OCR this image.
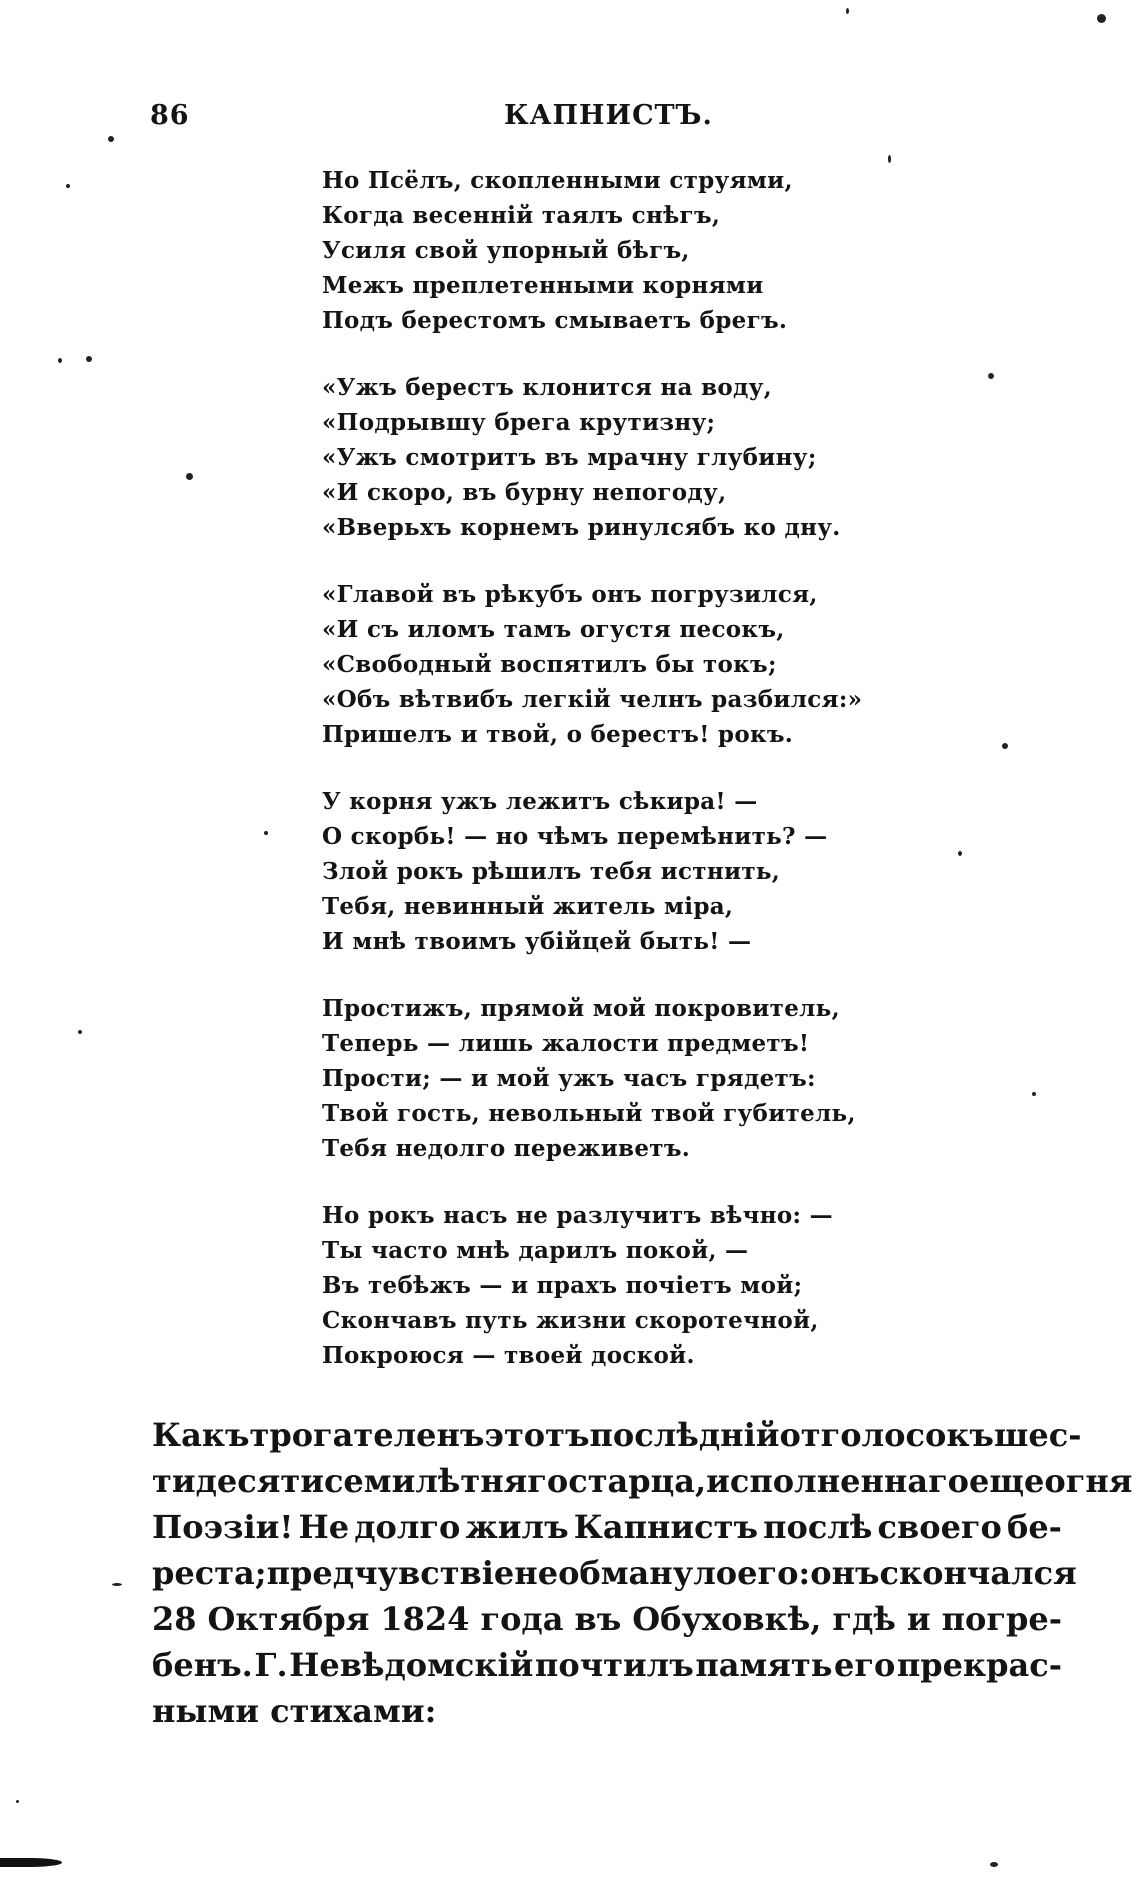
86	КАПНИСТЪ.
Но Псёлъ, скопленными струями,
Когда весенній таялъ снѣгъ,
Усиля свой упорный бѣгъ,
Межъ преплетенными корнями
Подъ берестомъ смываетъ брегъ.
«Ужъ берестъ клонится на воду,
«Подрывшу брега крутизну;
«Ужъ смотритъ въ мрачну глубину;
«И скоро, въ бурну непогоду,
«Вверьхъ корнемъ ринулсябъ ко дну.
«Главой въ рѣкубъ онъ погрузился,
«И съ иломъ тамъ огустя песокъ,
«Свободный воспятилъ бы токъ;
«Объ вѣтвибъ легкій челнъ разбился:»
Пришелъ и твой, о берестъ! рокъ.
У корня ужъ лежитъ сѣкира! —
О скорбь! — но чѣмъ перемѣнить? —
Злой рокъ рѣшилъ тебя истнить,
Тебя, невинный житель міра,
И мнѣ твоимъ убійцей быть! —
Простижъ, прямой мой покровитель,
Теперь — лишь жалости предметъ!
Прости; — и мой ужъ часъ грядетъ:
Твой гость, невольный твой губитель,
Тебя недолго переживетъ.
Но рокъ насъ не разлучитъ вѣчно: —
Ты часто мнѣ дарилъ покой, —
Въ тебѣжъ — и прахъ почіетъ мой;
Скончавъ путь жизни скоротечной,
Покроюся — твоей доской.
Какъ трогателенъ этотъ послѣдній отголосокъ шес-
тидесятисемилѣтняго старца, исполненнаго еще огня
Поэзіи! Не долго жилъ Капнистъ послѣ своего бе-
реста; предчувствіе не обмануло его: онъ скончался
28 Октября 1824 года въ Обуховкѣ, гдѣ и погре-
бенъ. Г. Невѣдомскій почтилъ память его прекрас-
ными стихами:
